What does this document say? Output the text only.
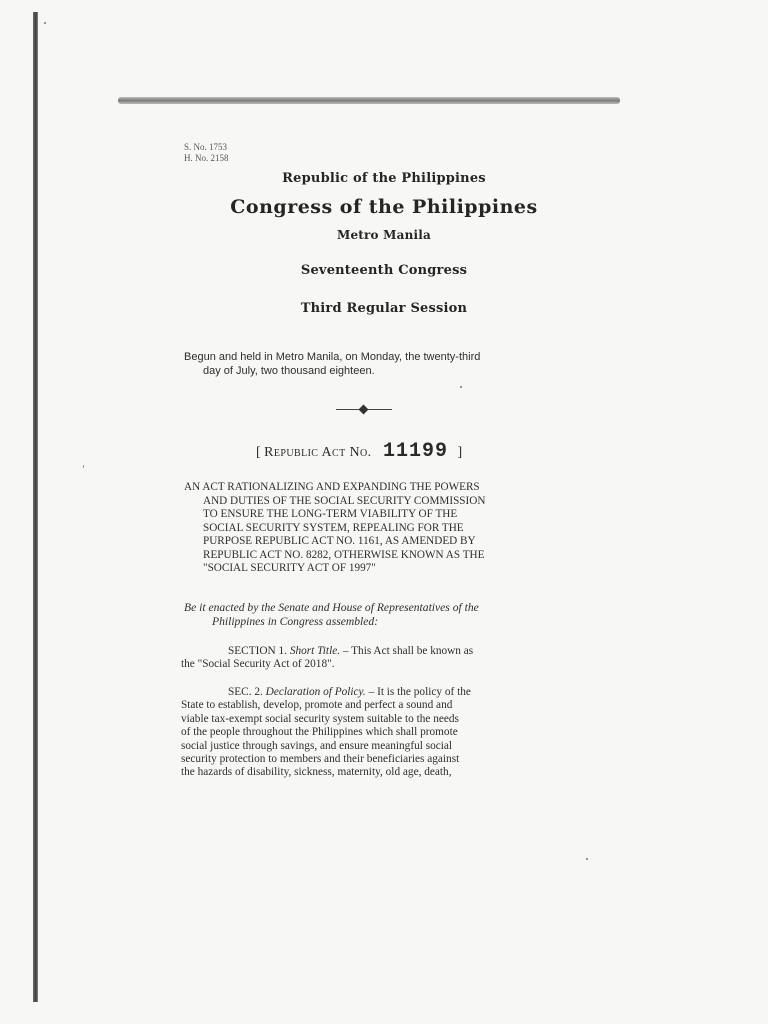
S. No. 1753
H. No. 2158
Republic of the Philippines
Congress of the Philippines
Metro Manila
Seventeenth Congress
Third Regular Session
Begun and held in Metro Manila, on Monday, the twenty-third
day of July, two thousand eighteen.
[ Republic Act No. 11199 ]
AN ACT RATIONALIZING AND EXPANDING THE POWERS
AND DUTIES OF THE SOCIAL SECURITY COMMISSION
TO ENSURE THE LONG-TERM VIABILITY OF THE
SOCIAL SECURITY SYSTEM, REPEALING FOR THE
PURPOSE REPUBLIC ACT NO. 1161, AS AMENDED BY
REPUBLIC ACT NO. 8282, OTHERWISE KNOWN AS THE
"SOCIAL SECURITY ACT OF 1997"
Be it enacted by the Senate and House of Representatives of the
Philippines in Congress assembled:
SECTION 1. Short Title. – This Act shall be known as
the "Social Security Act of 2018".
SEC. 2. Declaration of Policy. – It is the policy of the
State to establish, develop, promote and perfect a sound and
viable tax-exempt social security system suitable to the needs
of the people throughout the Philippines which shall promote
social justice through savings, and ensure meaningful social
security protection to members and their beneficiaries against
the hazards of disability, sickness, maternity, old age, death,
